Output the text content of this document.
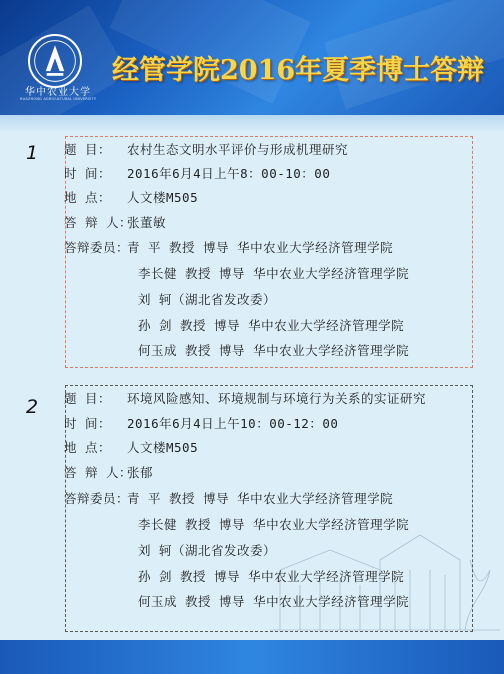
华中农业大学
HUAZHONG AGRICULTURAL UNIVERSITY
经管学院2016年夏季博士答辩
1 题 目： 农村生态文明水平评价与形成机理研究
时 间： 2016年6月4日上午8：00-10：00
地 点： 人文楼M505
答 辩 人：张董敏
答辩委员：青 平 教授 博导 华中农业大学经济管理学院
李长健 教授 博导 华中农业大学经济管理学院
刘 轲（湖北省发改委）
孙 剑 教授 博导 华中农业大学经济管理学院
何玉成 教授 博导 华中农业大学经济管理学院
2 题 目： 环境风险感知、环境规制与环境行为关系的实证研究
时 间： 2016年6月4日上午10：00-12：00
地 点： 人文楼M505
答 辩 人：张郁
答辩委员：青 平 教授 博导 华中农业大学经济管理学院
李长健 教授 博导 华中农业大学经济管理学院
刘 轲（湖北省发改委）
孙 剑 教授 博导 华中农业大学经济管理学院
何玉成 教授 博导 华中农业大学经济管理学院
